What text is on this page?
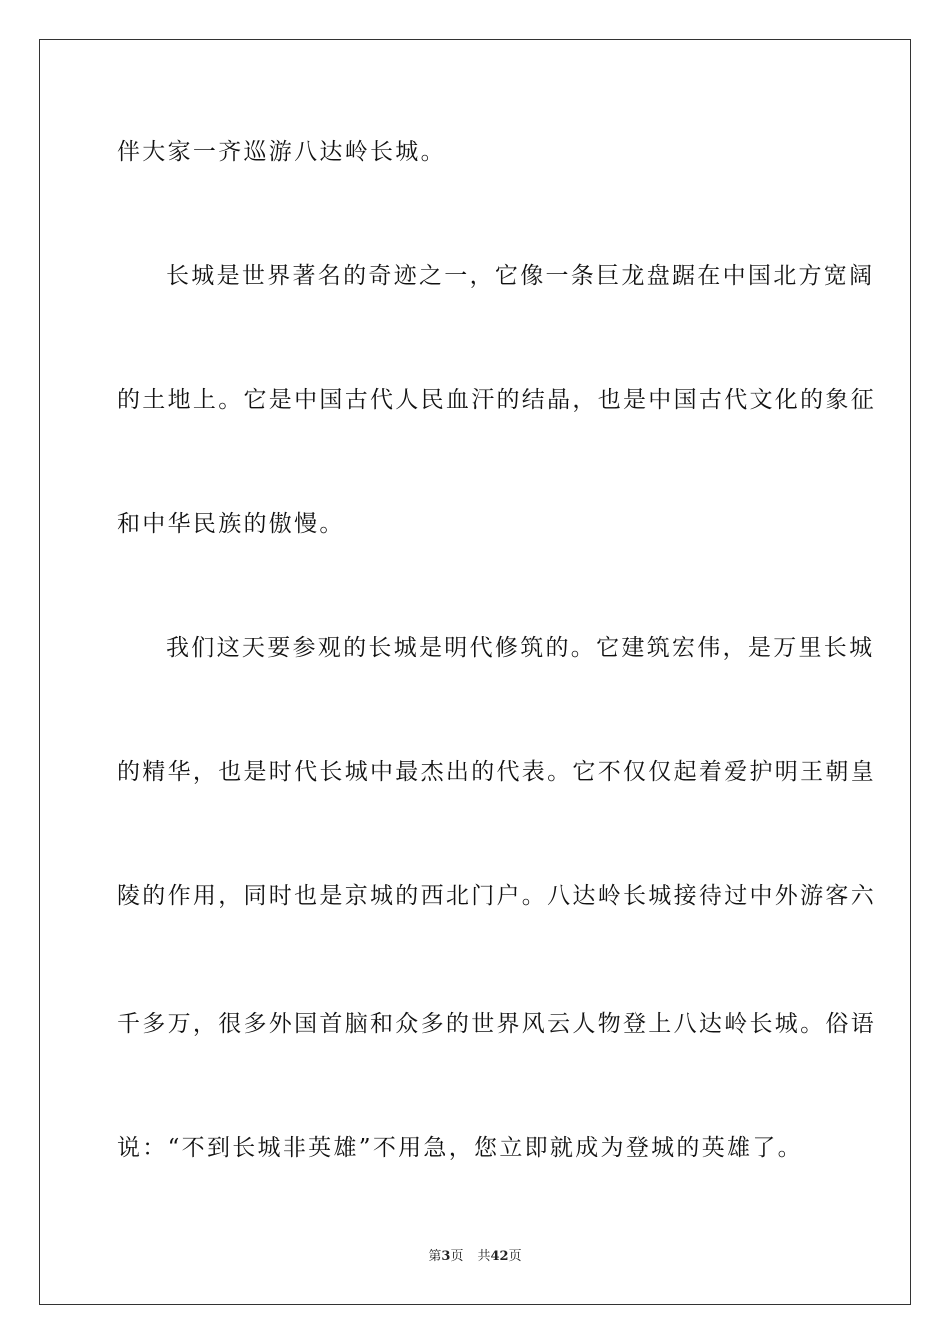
伴大家一齐巡游八达岭长城。
长城是世界著名的奇迹之一，它像一条巨龙盘踞在中国北方宽阔
的土地上。它是中国古代人民血汗的结晶，也是中国古代文化的象征
和中华民族的傲慢。
我们这天要参观的长城是明代修筑的。它建筑宏伟，是万里长城
的精华，也是时代长城中最杰出的代表。它不仅仅起着爱护明王朝皇
陵的作用，同时也是京城的西北门户。八达岭长城接待过中外游客六
千多万，很多外国首脑和众多的世界风云人物登上八达岭长城。俗语
说：“不到长城非英雄”不用急，您立即就成为登城的英雄了。
第3页 共42页
